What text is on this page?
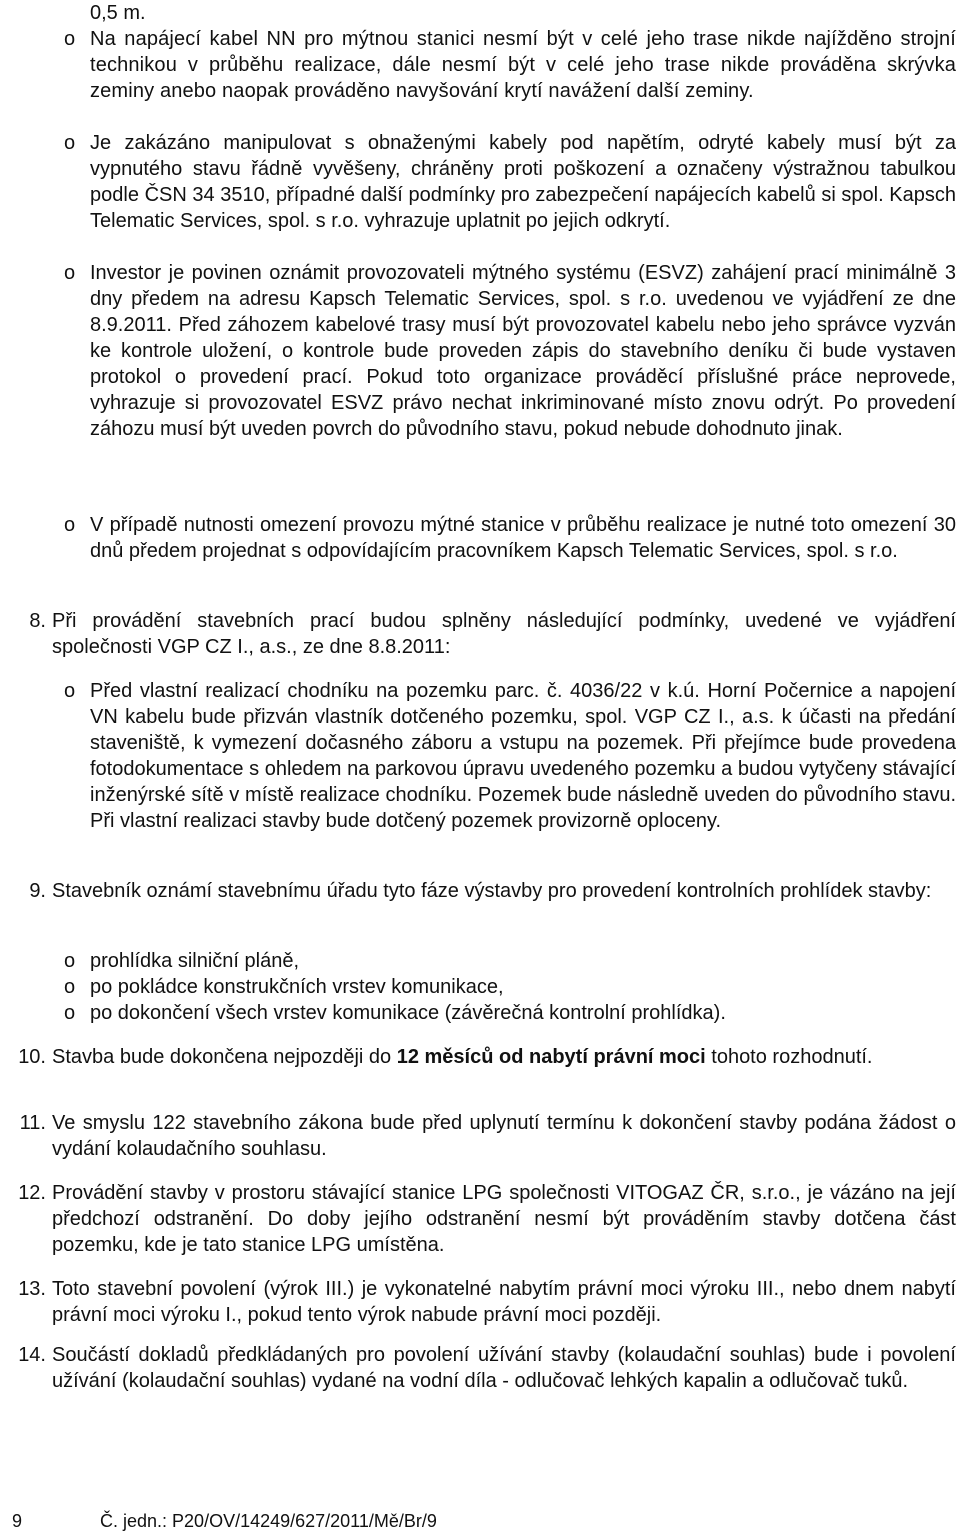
0,5 m.
o Na napájecí kabel NN pro mýtnou stanici nesmí být v celé jeho trase nikde najížděno strojní technikou v průběhu realizace, dále nesmí být v celé jeho trase nikde prováděna skrývka zeminy anebo naopak prováděno navyšování krytí navážení další zeminy.
o Je zakázáno manipulovat s obnaženými kabely pod napětím, odryté kabely musí být za vypnutého stavu řádně vyvěšeny, chráněny proti poškození a označeny výstražnou tabulkou podle ČSN 34 3510, případné další podmínky pro zabezpečení napájecích kabelů si spol. Kapsch Telematic Services, spol. s r.o. vyhrazuje uplatnit po jejich odkrytí.
o Investor je povinen oznámit provozovateli mýtného systému (ESVZ) zahájení prací minimálně 3 dny předem na adresu Kapsch Telematic Services, spol. s r.o. uvedenou ve vyjádření ze dne 8.9.2011. Před záhozem kabelové trasy musí být provozovatel kabelu nebo jeho správce vyzván ke kontrole uložení, o kontrole bude proveden zápis do stavebního deníku či bude vystaven protokol o provedení prací. Pokud toto organizace prováděcí příslušné práce neprovede, vyhrazuje si provozovatel ESVZ právo nechat inkriminované místo znovu odrýt. Po provedení záhozu musí být uveden povrch do původního stavu, pokud nebude dohodnuto jinak.
o V případě nutnosti omezení provozu mýtné stanice v průběhu realizace je nutné toto omezení 30 dnů předem projednat s odpovídajícím pracovníkem Kapsch Telematic Services, spol. s r.o.
8. Při provádění stavebních prací budou splněny následující podmínky, uvedené ve vyjádření společnosti VGP CZ I., a.s., ze dne 8.8.2011:
o Před vlastní realizací chodníku na pozemku parc. č. 4036/22 v k.ú. Horní Počernice a napojení VN kabelu bude přizván vlastník dotčeného pozemku, spol. VGP CZ I., a.s. k účasti na předání staveniště, k vymezení dočasného záboru a vstupu na pozemek. Při přejímce bude provedena fotodokumentace s ohledem na parkovou úpravu uvedeného pozemku a budou vytyčeny stávající inženýrské sítě v místě realizace chodníku. Pozemek bude následně uveden do původního stavu. Při vlastní realizaci stavby bude dotčený pozemek provizorně oploceny.
9. Stavebník oznámí stavebnímu úřadu tyto fáze výstavby pro provedení kontrolních prohlídek stavby:
o prohlídka silniční pláně,
o po pokládce konstrukčních vrstev komunikace,
o po dokončení všech vrstev komunikace (závěrečná kontrolní prohlídka).
10. Stavba bude dokončena nejpozději do 12 měsíců od nabytí právní moci tohoto rozhodnutí.
11. Ve smyslu 122 stavebního zákona bude před uplynutí termínu k dokončení stavby podána žádost o vydání kolaudačního souhlasu.
12. Provádění stavby v prostoru stávající stanice LPG společnosti VITOGAZ ČR, s.r.o., je vázáno na její předchozí odstranění. Do doby jejího odstranění nesmí být prováděním stavby dotčena část pozemku, kde je tato stanice LPG umístěna.
13. Toto stavební povolení (výrok III.) je vykonatelné nabytím právní moci výroku III., nebo dnem nabytí právní moci výroku I., pokud tento výrok nabude právní moci později.
14. Součástí dokladů předkládaných pro povolení užívání stavby (kolaudační souhlas) bude i povolení užívání (kolaudační souhlas) vydané na vodní díla - odlučovač lehkých kapalin a odlučovač tuků.
9	Č. jedn.: P20/OV/14249/627/2011/Mě/Br/9
